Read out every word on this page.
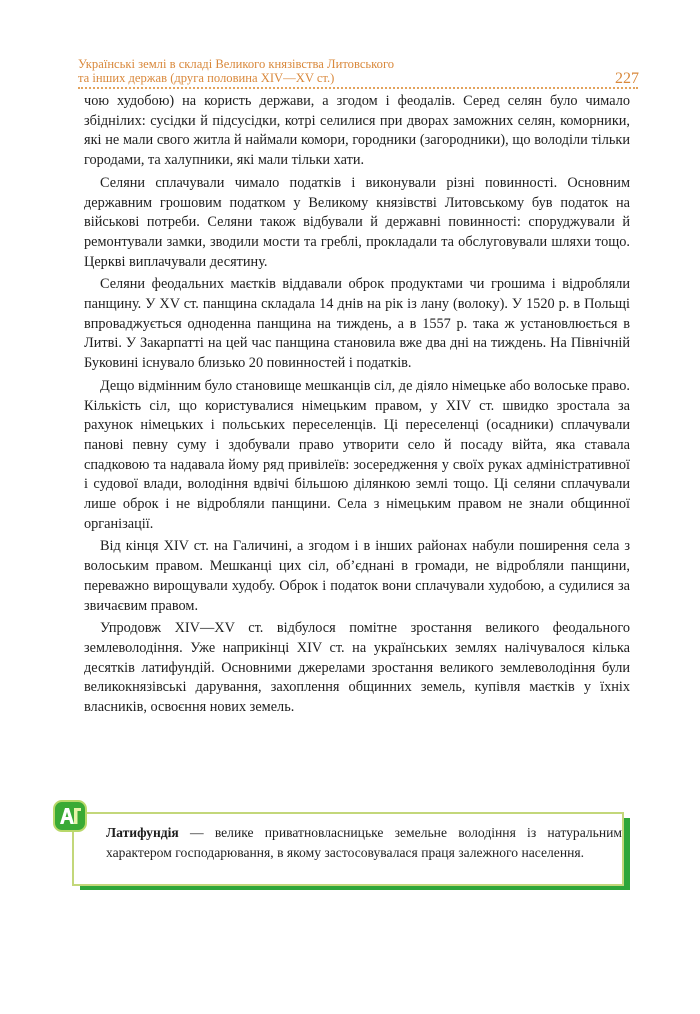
Українські землі в складі Великого князівства Литовського
та інших держав (друга половина XIV—XV ст.)	227

чою худобою) на користь держави, а згодом і феодалів. Серед селян було чимало збіднілих: сусідки й підсусідки, котрі селилися при дворах заможних селян, коморники, які не мали свого житла й наймали комори, городники (загородники), що володіли тільки городами, та халупники, які мали тільки хати.

Селяни сплачували чимало податків і виконували різні повинності. Основним державним грошовим податком у Великому князівстві Литовському був податок на військові потреби. Селяни також відбували й державні повинності: споруджували й ремонтували замки, зводили мости та греблі, прокладали та обслуговували шляхи тощо. Церкві виплачували десятину.

Селяни феодальних маєтків віддавали оброк продуктами чи грошима і відробляли панщину. У XV ст. панщина складала 14 днів на рік із лану (волоку). У 1520 р. в Польщі впроваджується одноденна панщина на тиждень, а в 1557 р. така ж установлюється в Литві. У Закарпатті на цей час панщина становила вже два дні на тиждень. На Північній Буковині існувало близько 20 повинностей і податків.

Дещо відмінним було становище мешканців сіл, де діяло німецьке або волоське право. Кількість сіл, що користувалися німецьким правом, у XIV ст. швидко зростала за рахунок німецьких і польських переселенців. Ці переселенці (осадники) сплачували панові певну суму і здобували право утворити село й посаду війта, яка ставала спадковою та надавала йому ряд привілеїв: зосередження у своїх руках адміністративної і судової влади, володіння вдвічі більшою ділянкою землі тощо. Ці селяни сплачували лише оброк і не відробляли панщини. Села з німецьким правом не знали общинної організації.

Від кінця XIV ст. на Галичині, а згодом і в інших районах набули поширення села з волоським правом. Мешканці цих сіл, об’єднані в громади, не відробляли панщини, переважно вирощували худобу. Оброк і податок вони сплачували худобою, а судилися за звичаєвим правом.

Упродовж XIV—XV ст. відбулося помітне зростання великого феодального землеволодіння. Уже наприкінці XIV ст. на українських землях налічувалося кілька десятків латифундій. Основними джерелами зростання великого землеволодіння були великокнязівські дарування, захоплення общинних земель, купівля маєтків у їхніх власників, освоєння нових земель.

Латифундія — велике приватновласницьке земельне володіння із натуральним характером господарювання, в якому застосовувалася праця залежного населення.
